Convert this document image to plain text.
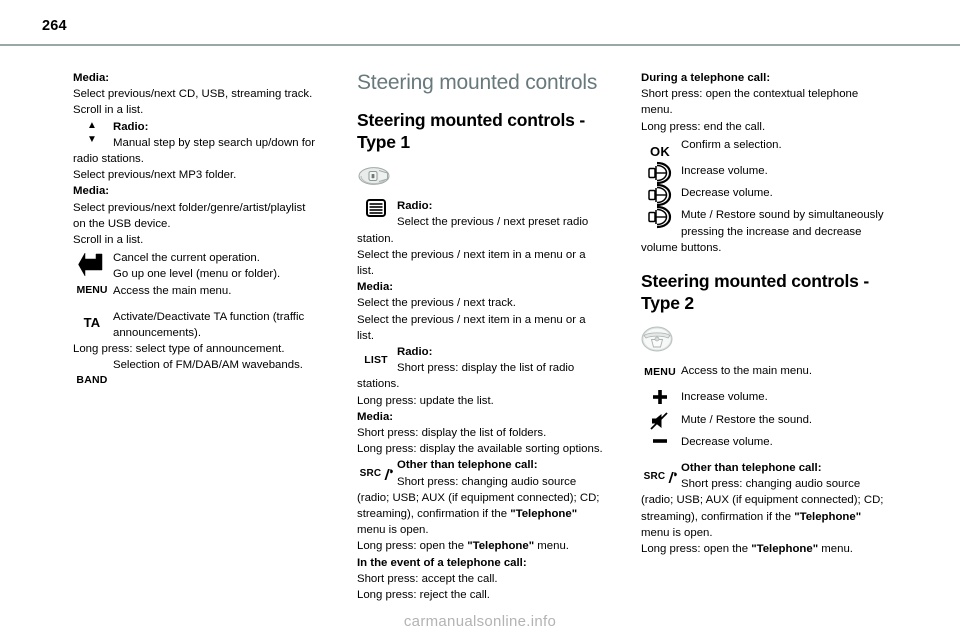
264

Media:

Select previous/next CD, USB, streaming track.

Scroll in a list.

▲
▼

Radio:

Manual step by step search up/down for

radio stations.

Select previous/next MP3 folder.

Media:

Select previous/next folder/genre/artist/playlist

on the USB device.

Scroll in a list.

Cancel the current operation.

Go up one level (menu or folder).

Access the main menu.

MENU
TA	Activate/Deactivate TA function (traffic

announcements).

Long press: select type of announcement.

BAND

Selection of FM/DAB/AM wavebands.

Steering mounted controls
Steering mounted controls - Type 1

Radio:

Select the previous / next preset radio

station.

Select the previous / next item in a menu or a

list.

Media:

Select the previous / next track.

Select the previous / next item in a menu or a

list.

LIST

Radio:

Short press: display the list of radio

stations.

Long press: update the list.

Media:

Short press: display the list of folders.

Long press: display the available sorting options.

SRC

Other than telephone call:

Short press: changing audio source

(radio; USB; AUX (if equipment connected); CD;

streaming), confirmation if the "Telephone"

menu is open.

Long press: open the "Telephone" menu.

In the event of a telephone call:

Short press: accept the call.

Long press: reject the call.

During a telephone call:

Short press: open the contextual telephone

menu.

Long press: end the call.

OK Confirm a selection.

Increase volume.

Decrease volume.

Mute / Restore sound by simultaneously

pressing the increase and decrease

volume buttons.

Steering mounted controls - Type 2
MENU Access to the main menu.

Increase volume.

Mute / Restore the sound.

Decrease volume.

SRC

Other than telephone call:

Short press: changing audio source

(radio; USB; AUX (if equipment connected); CD;

streaming), confirmation if the "Telephone"

menu is open.

Long press: open the "Telephone" menu.

carmanualsonline.info
